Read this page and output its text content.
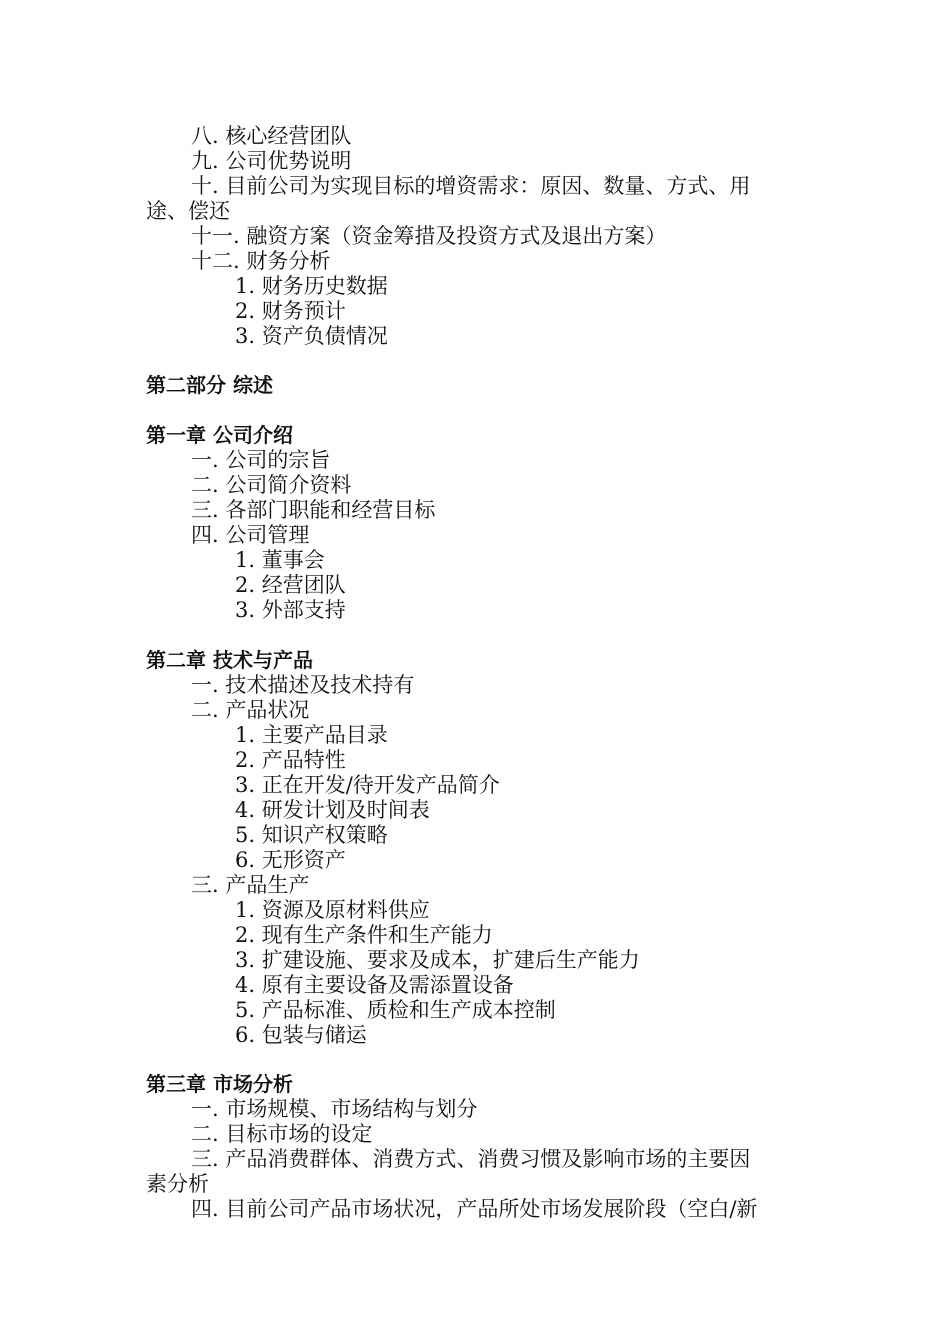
八. 核心经营团队
九. 公司优势说明
十. 目前公司为实现目标的增资需求：原因、数量、方式、用
途、偿还
十一. 融资方案（资金筹措及投资方式及退出方案）
十二. 财务分析
1. 财务历史数据
2. 财务预计
3. 资产负债情况
第二部分 综述
第一章 公司介绍
一. 公司的宗旨
二. 公司简介资料
三. 各部门职能和经营目标
四. 公司管理
1. 董事会
2. 经营团队
3. 外部支持
第二章 技术与产品
一. 技术描述及技术持有
二. 产品状况
1. 主要产品目录
2. 产品特性
3. 正在开发/待开发产品简介
4. 研发计划及时间表
5. 知识产权策略
6. 无形资产
三. 产品生产
1. 资源及原材料供应
2. 现有生产条件和生产能力
3. 扩建设施、要求及成本，扩建后生产能力
4. 原有主要设备及需添置设备
5. 产品标准、质检和生产成本控制
6. 包装与储运
第三章 市场分析
一. 市场规模、市场结构与划分
二. 目标市场的设定
三. 产品消费群体、消费方式、消费习惯及影响市场的主要因
素分析
四. 目前公司产品市场状况，产品所处市场发展阶段（空白/新
